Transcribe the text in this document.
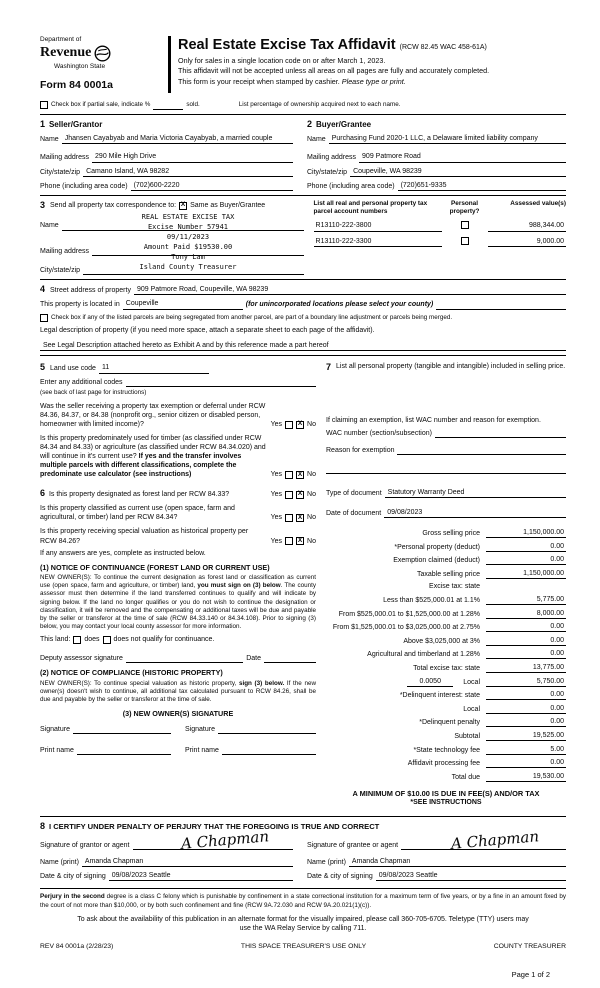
Department of
Revenue
Washington State
Form 84 0001a
Real Estate Excise Tax Affidavit (RCW 82.45 WAC 458-61A)

Only for sales in a single location code on or after March 1, 2023.

This affidavit will not be accepted unless all areas on all pages are fully and accurately completed.

This form is your receipt when stamped by cashier. Please type or print.

Check box if partial sale, indicate %	sold.	List percentage of ownership acquired next to each name.
1 Seller/Grantor
Name Jhansen Cayabyab and Maria Victoria Cayabyab, a married couple
Mailing address 290 Mile High Drive
City/state/zip Camano Island, WA 98282
Phone (including area code) (702)600-2220
2 Buyer/Grantee
Name Purchasing Fund 2020-1 LLC, a Delaware limited liability company
Mailing address 909 Patmore Road
City/state/zip Coupeville, WA 98239
Phone (including area code) (720)651-9335
3 Send all property tax correspondence to: X Same as Buyer/Grantee
REAL ESTATE EXCISE TAX
Excise Number 57941
09/11/2023
Amount Paid $19530.00
Tony Lam
Island County Treasurer
Name
Mailing address
City/state/zip
List all real and personal property tax parcel account numbers
Personal property?
Assessed value(s)
R13110-222-3800	988,344.00
R13110-222-3300	9,000.00
4 Street address of property 909 Patmore Road, Coupeville, WA 98239
This property is located in Coupeville	(for unincorporated locations please select your county)
Check box if any of the listed parcels are being segregated from another parcel, are part of a boundary line adjustment or parcels being merged.
Legal description of property (if you need more space, attach a separate sheet to each page of the affidavit).
See Legal Description attached hereto as Exhibit A and by this reference made a part hereof
5 Land use code 11
Enter any additional codes
(see back of last page for instructions)
Was the seller receiving a property tax exemption or deferral under RCW 84.36, 84.37, or 84.38 (nonprofit org., senior citizen or disabled person, homeowner with limited income)?	Yes X No
Is this property predominately used for timber (as classified under RCW 84.34 and 84.33) or agriculture (as classified under RCW 84.34.020) and will continue in it's current use? If yes and the transfer involves multiple parcels with different classifications, complete the predominate use calculator (see instructions)	Yes X No
6 Is this property designated as forest land per RCW 84.33?	Yes X No
Is this property classified as current use (open space, farm and agricultural, or timber) land per RCW 84.34?	Yes X No
Is this property receiving special valuation as historical property per RCW 84.26?	Yes X No
If any answers are yes, complete as instructed below.
(1) NOTICE OF CONTINUANCE (FOREST LAND OR CURRENT USE)
NEW OWNER(S): To continue the current designation as forest land or classification as current use (open space, farm and agriculture, or timber) land, you must sign on (3) below. The county assessor must then determine if the land transferred continues to qualify and will indicate by signing below. If the land no longer qualifies or you do not wish to continue the designation or classification, it will be removed and the compensating or additional taxes will be due and payable by the seller or transferor at the time of sale (RCW 84.33.140 or 84.34.108). Prior to signing (3) below, you may contact your local county assessor for more information.
This land: does does not qualify for continuance.
Deputy assessor signature	Date
(2) NOTICE OF COMPLIANCE (HISTORIC PROPERTY)
NEW OWNER(S): To continue special valuation as historic property, sign (3) below. If the new owner(s) doesn't wish to continue, all additional tax calculated pursuant to RCW 84.26, shall be due and payable by the seller or transferor at the time of sale.
(3) NEW OWNER(S) SIGNATURE
Signature	Signature
Print name	Print name
7 List all personal property (tangible and intangible) included in selling price.
If claiming an exemption, list WAC number and reason for exemption.
WAC number (section/subsection)
Reason for exemption
Type of document Statutory Warranty Deed
Date of document 09/08/2023
Gross selling price	1,150,000.00
*Personal property (deduct)	0.00
Exemption claimed (deduct)	0.00
Taxable selling price	1,150,000.00
Excise tax: state
Less than $525,000.01 at 1.1%	5,775.00
From $525,000.01 to $1,525,000.00 at 1.28%	8,000.00
From $1,525,000.01 to $3,025,000.00 at 2.75%	0.00
Above $3,025,000 at 3%	0.00
Agricultural and timberland at 1.28%	0.00
Total excise tax: state	13,775.00
0.0050	Local	5,750.00
*Delinquent interest: state	0.00
Local	0.00
*Delinquent penalty	0.00
Subtotal	19,525.00
*State technology fee	5.00
Affidavit processing fee	0.00
Total due	19,530.00
A MINIMUM OF $10.00 IS DUE IN FEE(S) AND/OR TAX
*SEE INSTRUCTIONS
8 I CERTIFY UNDER PENALTY OF PERJURY THAT THE FOREGOING IS TRUE AND CORRECT
Signature of grantor or agent	A Chapman
Name (print) Amanda Chapman
Date & city of signing 09/08/2023 Seattle
Signature of grantee or agent	A Chapman
Name (print) Amanda Chapman
Date & city of signing 09/08/2023 Seattle
Perjury in the second degree is a class C felony which is punishable by confinement in a state correctional institution for a maximum term of five years, or by a fine in an amount fixed by the court of not more than $10,000, or by both such confinement and fine (RCW 9A.72.030 and RCW 9A.20.021(1)(c)).
To ask about the availability of this publication in an alternate format for the visually impaired, please call 360-705-6705. Teletype (TTY) users may use the WA Relay Service by calling 711.
REV 84 0001a (2/28/23)	THIS SPACE TREASURER'S USE ONLY	COUNTY TREASURER
Page 1 of 2
